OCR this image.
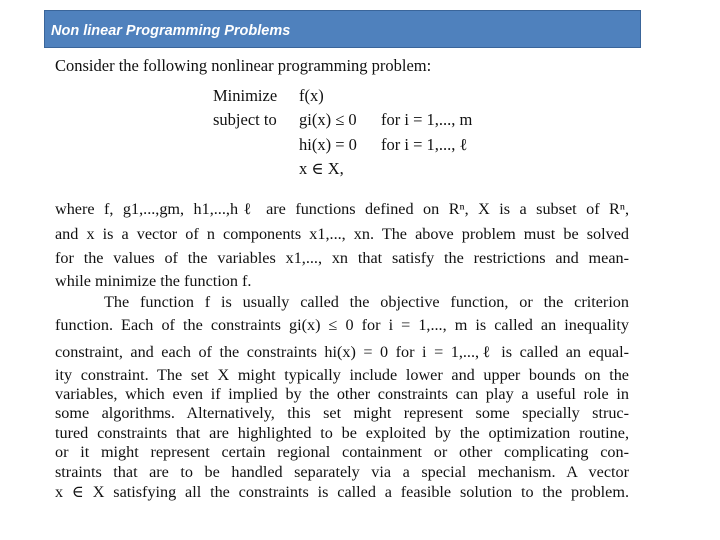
Non linear Programming Problems
Consider the following nonlinear programming problem:
Minimize f(x)
subject to gi(x) ≤ 0 for i = 1,..., m
hi(x) = 0 for i = 1,..., ℓ
x ∈ X,
where f, g1,...,gm, h1,...,hℓ are functions defined on Rⁿ, X is a subset of Rⁿ,
and x is a vector of n components x1,..., xn. The above problem must be solved
for the values of the variables x1,..., xn that satisfy the restrictions and mean-
while minimize the function f.
The function f is usually called the objective function, or the criterion
function. Each of the constraints gi(x) ≤ 0 for i = 1,..., m is called an inequality
constraint, and each of the constraints hi(x) = 0 for i = 1,...,ℓ is called an equal-
ity constraint. The set X might typically include lower and upper bounds on the
variables, which even if implied by the other constraints can play a useful role in
some algorithms. Alternatively, this set might represent some specially struc-
tured constraints that are highlighted to be exploited by the optimization routine,
or it might represent certain regional containment or other complicating con-
straints that are to be handled separately via a special mechanism. A vector
x ∈ X satisfying all the constraints is called a feasible solution to the problem.
